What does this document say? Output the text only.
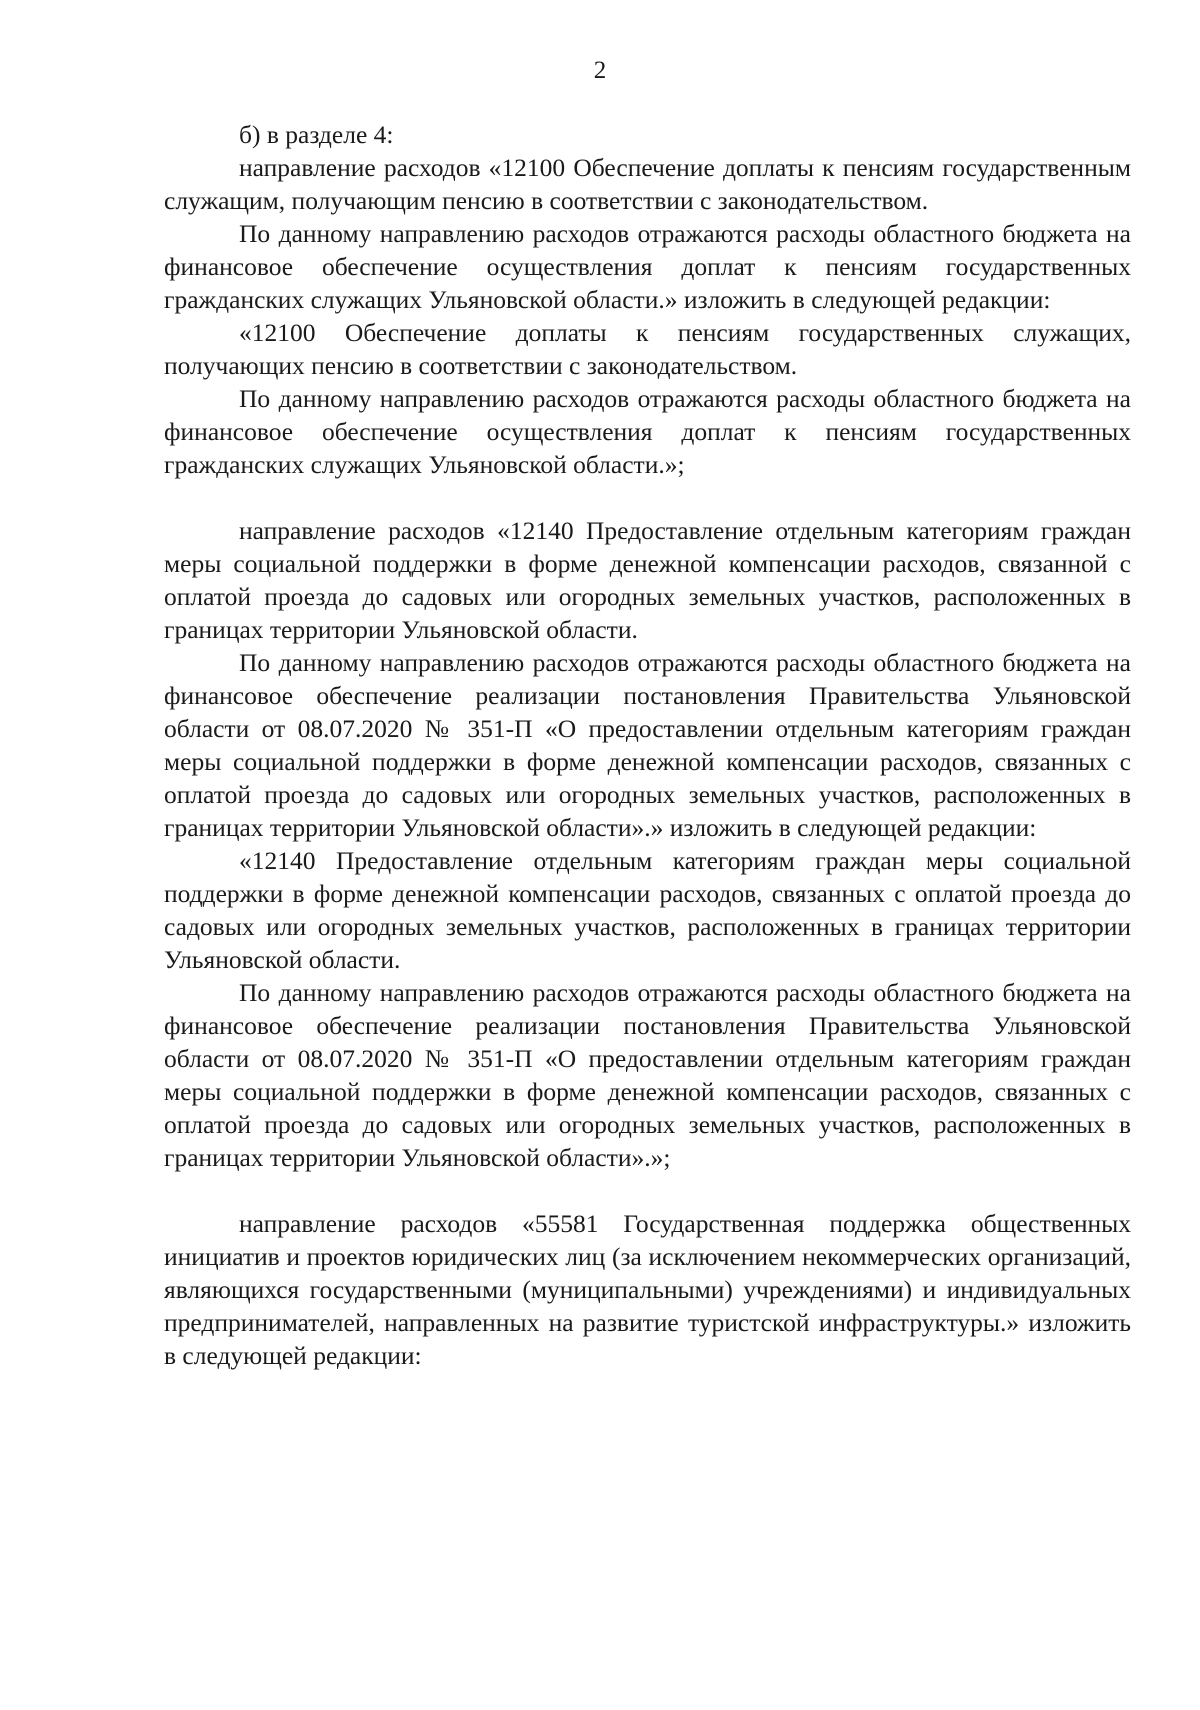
2

б) в разделе 4:

направление расходов «12100 Обеспечение доплаты к пенсиям государственным служащим, получающим пенсию в соответствии с законодательством.

По данному направлению расходов отражаются расходы областного бюджета на финансовое обеспечение осуществления доплат к пенсиям государственных гражданских служащих Ульяновской области.» изложить в следующей редакции:

«12100 Обеспечение доплаты к пенсиям государственных служащих, получающих пенсию в соответствии с законодательством.

По данному направлению расходов отражаются расходы областного бюджета на финансовое обеспечение осуществления доплат к пенсиям государственных гражданских служащих Ульяновской области.»;

направление расходов «12140 Предоставление отдельным категориям граждан меры социальной поддержки в форме денежной компенсации расходов, связанной с оплатой проезда до садовых или огородных земельных участков, расположенных в границах территории Ульяновской области.

По данному направлению расходов отражаются расходы областного бюджета на финансовое обеспечение реализации постановления Правительства Ульяновской области от 08.07.2020 № 351-П «О предоставлении отдельным категориям граждан меры социальной поддержки в форме денежной компенсации расходов, связанных с оплатой проезда до садовых или огородных земельных участков, расположенных в границах территории Ульяновской области».» изложить в следующей редакции:

«12140 Предоставление отдельным категориям граждан меры социальной поддержки в форме денежной компенсации расходов, связанных с оплатой проезда до садовых или огородных земельных участков, расположенных в границах территории Ульяновской области.

По данному направлению расходов отражаются расходы областного бюджета на финансовое обеспечение реализации постановления Правительства Ульяновской области от 08.07.2020 № 351-П «О предоставлении отдельным категориям граждан меры социальной поддержки в форме денежной компенсации расходов, связанных с оплатой проезда до садовых или огородных земельных участков, расположенных в границах территории Ульяновской области».»;

направление расходов «55581 Государственная поддержка общественных инициатив и проектов юридических лиц (за исключением некоммерческих организаций, являющихся государственными (муниципальными) учреждениями) и индивидуальных предпринимателей, направленных на развитие туристской инфраструктуры.» изложить в следующей редакции:
